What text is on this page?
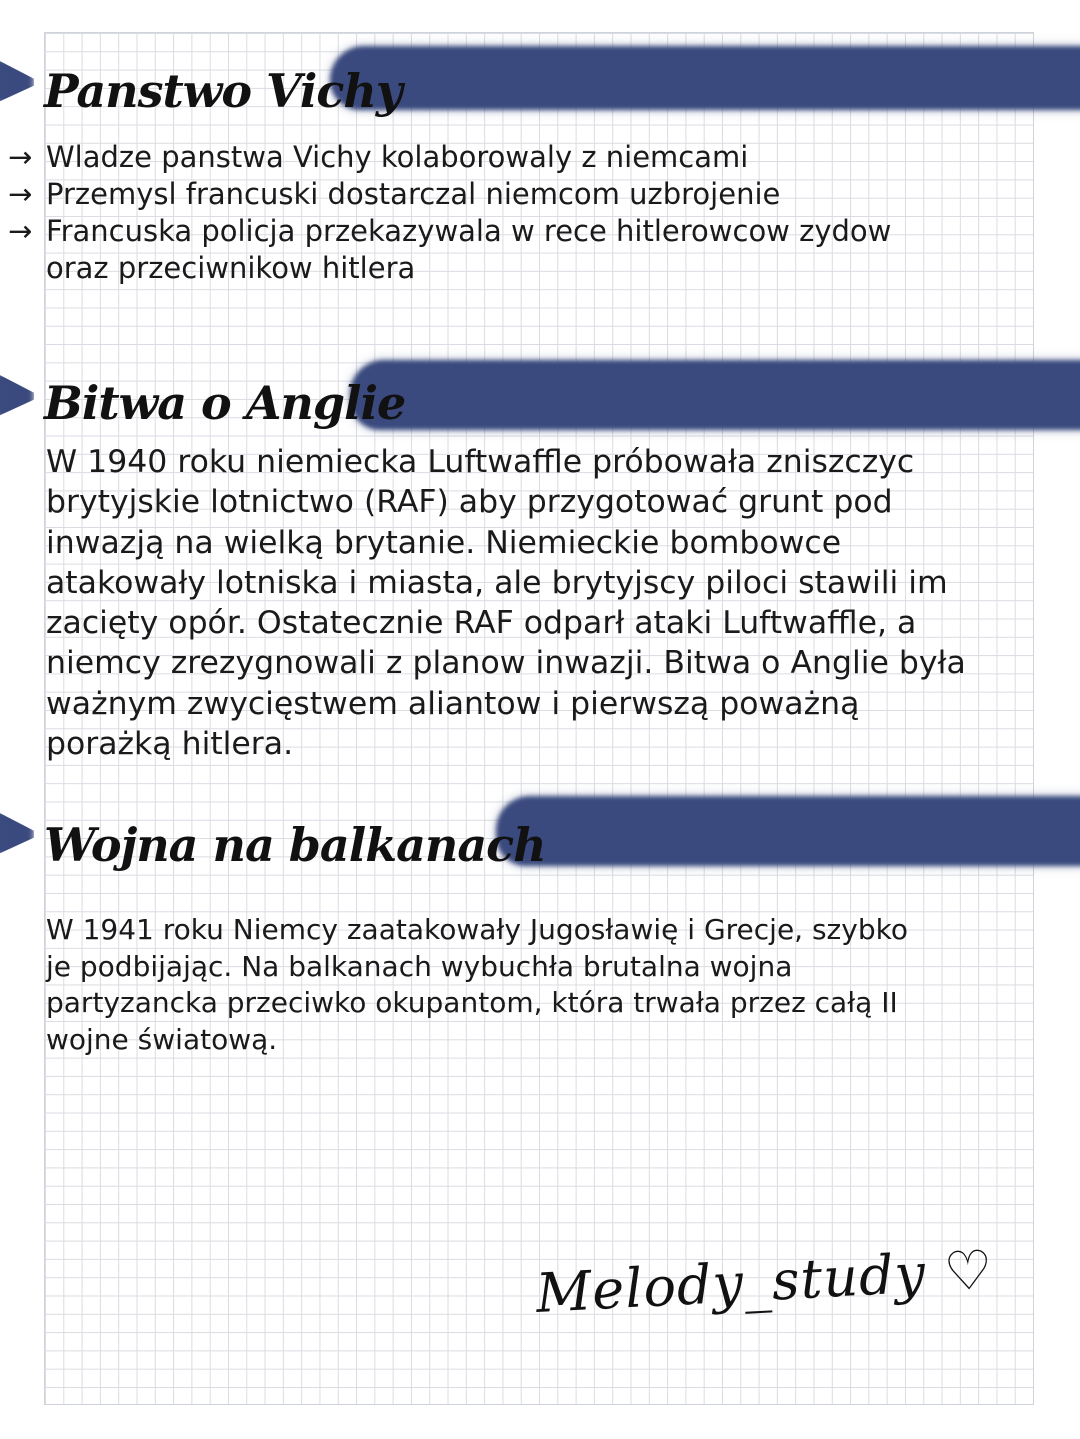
Panstwo Vichy
→ Wladze panstwa Vichy kolaborowaly z niemcami
→ Przemysl francuski dostarczal niemcom uzbrojenie
→ Francuska policja przekazywala w rece hitlerowcow zydow
oraz przeciwnikow hitlera
Bitwa o Anglie

W 1940 roku niemiecka Luftwaffle próbowała zniszczyc
brytyjskie lotnictwo (RAF) aby przygotować grunt pod
inwazją na wielką brytanie. Niemieckie bombowce
atakowały lotniska i miasta, ale brytyjscy piloci stawili im
zacięty opór. Ostatecznie RAF odparł ataki Luftwaffle, a
niemcy zrezygnowali z planow inwazji. Bitwa o Anglie była
ważnym zwycięstwem aliantow i pierwszą poważną
porażką hitlera.

Wojna na balkanach

W 1941 roku Niemcy zaatakowały Jugosławię i Grecje, szybko
je podbijając. Na balkanach wybuchła brutalna wojna
partyzancka przeciwko okupantom, która trwała przez całą II
wojne światową.

Melody_study ♡
